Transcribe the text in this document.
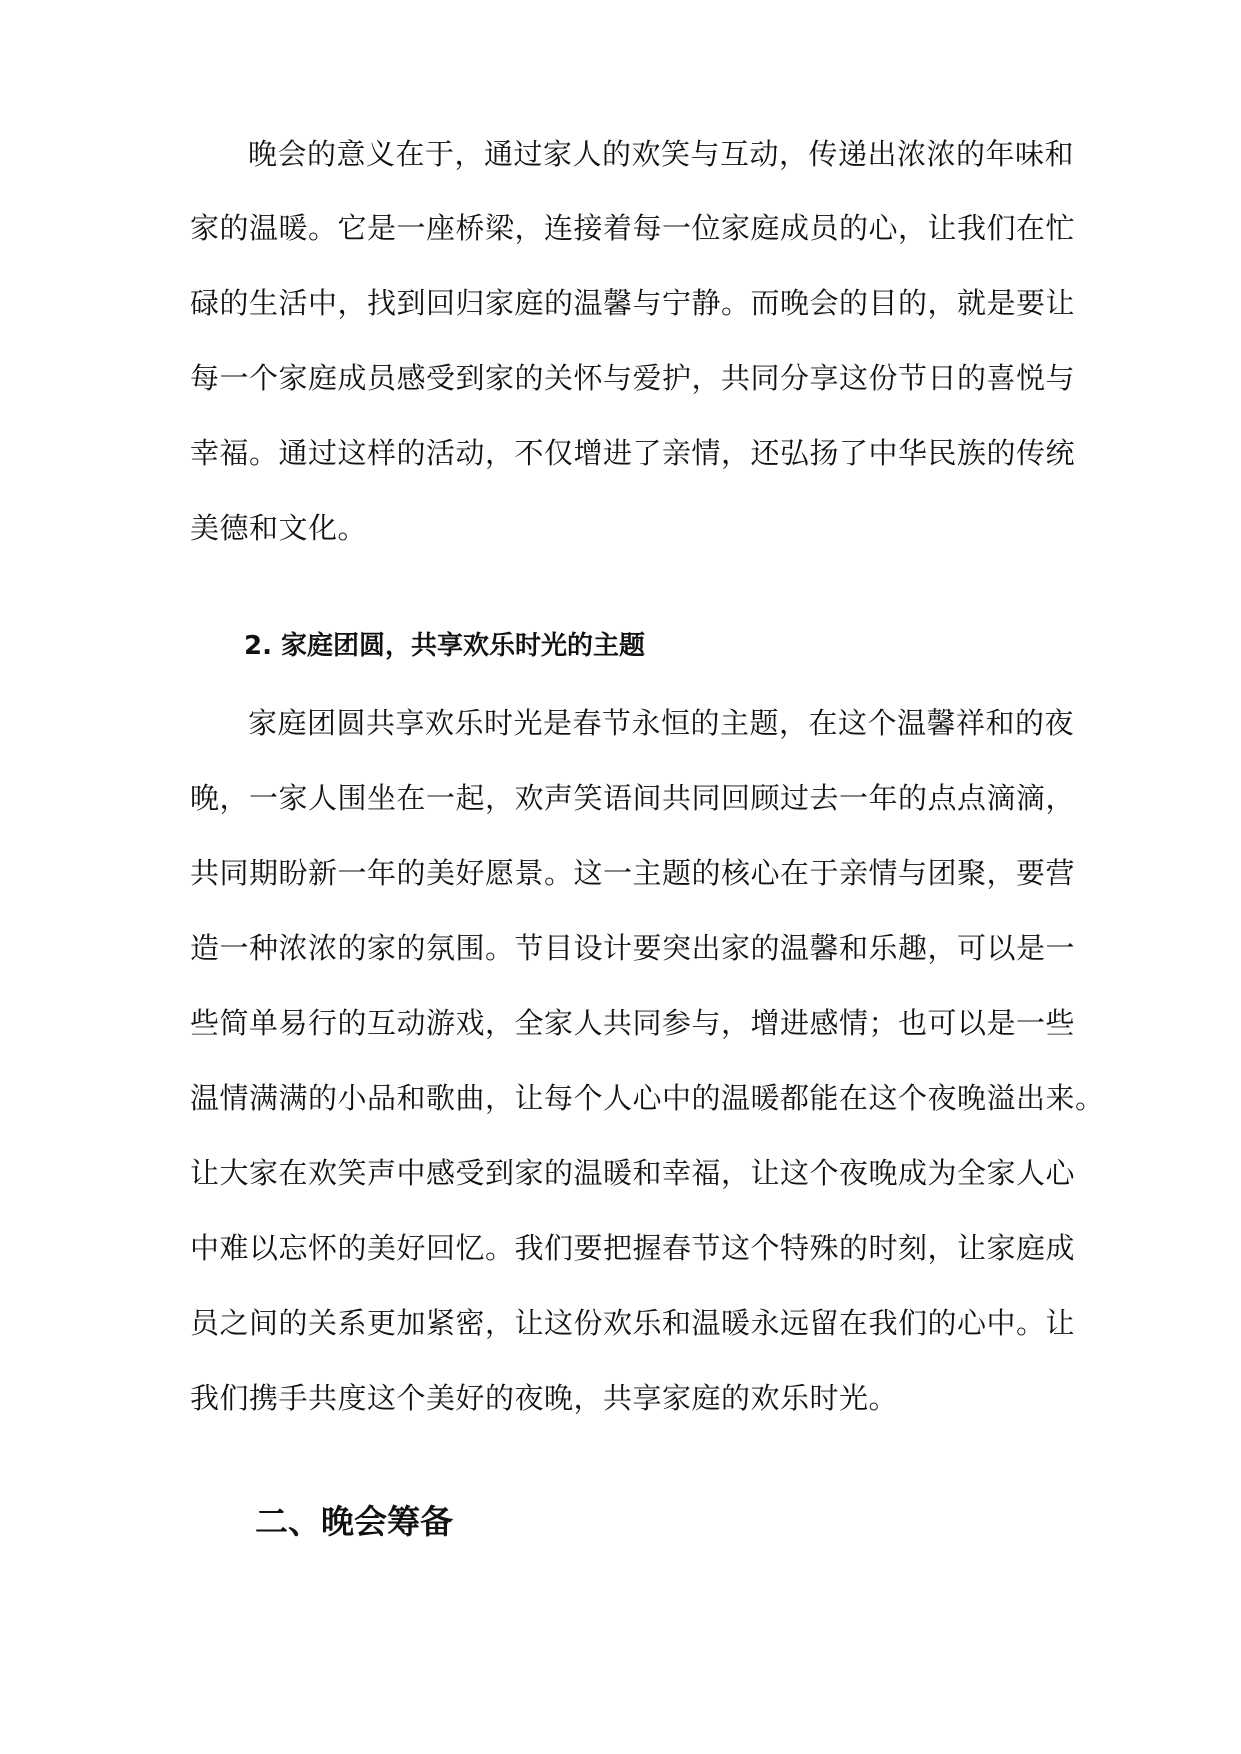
晚会的意义在于，通过家人的欢笑与互动，传递出浓浓的年味和
家的温暖。它是一座桥梁，连接着每一位家庭成员的心，让我们在忙
碌的生活中，找到回归家庭的温馨与宁静。而晚会的目的，就是要让
每一个家庭成员感受到家的关怀与爱护，共同分享这份节日的喜悦与
幸福。通过这样的活动，不仅增进了亲情，还弘扬了中华民族的传统
美德和文化。
2. 家庭团圆，共享欢乐时光的主题
家庭团圆共享欢乐时光是春节永恒的主题，在这个温馨祥和的夜
晚，一家人围坐在一起，欢声笑语间共同回顾过去一年的点点滴滴，
共同期盼新一年的美好愿景。这一主题的核心在于亲情与团聚，要营
造一种浓浓的家的氛围。节目设计要突出家的温馨和乐趣，可以是一
些简单易行的互动游戏，全家人共同参与，增进感情；也可以是一些
温情满满的小品和歌曲，让每个人心中的温暖都能在这个夜晚溢出来。
让大家在欢笑声中感受到家的温暖和幸福，让这个夜晚成为全家人心
中难以忘怀的美好回忆。我们要把握春节这个特殊的时刻，让家庭成
员之间的关系更加紧密，让这份欢乐和温暖永远留在我们的心中。让
我们携手共度这个美好的夜晚，共享家庭的欢乐时光。
二、晚会筹备
